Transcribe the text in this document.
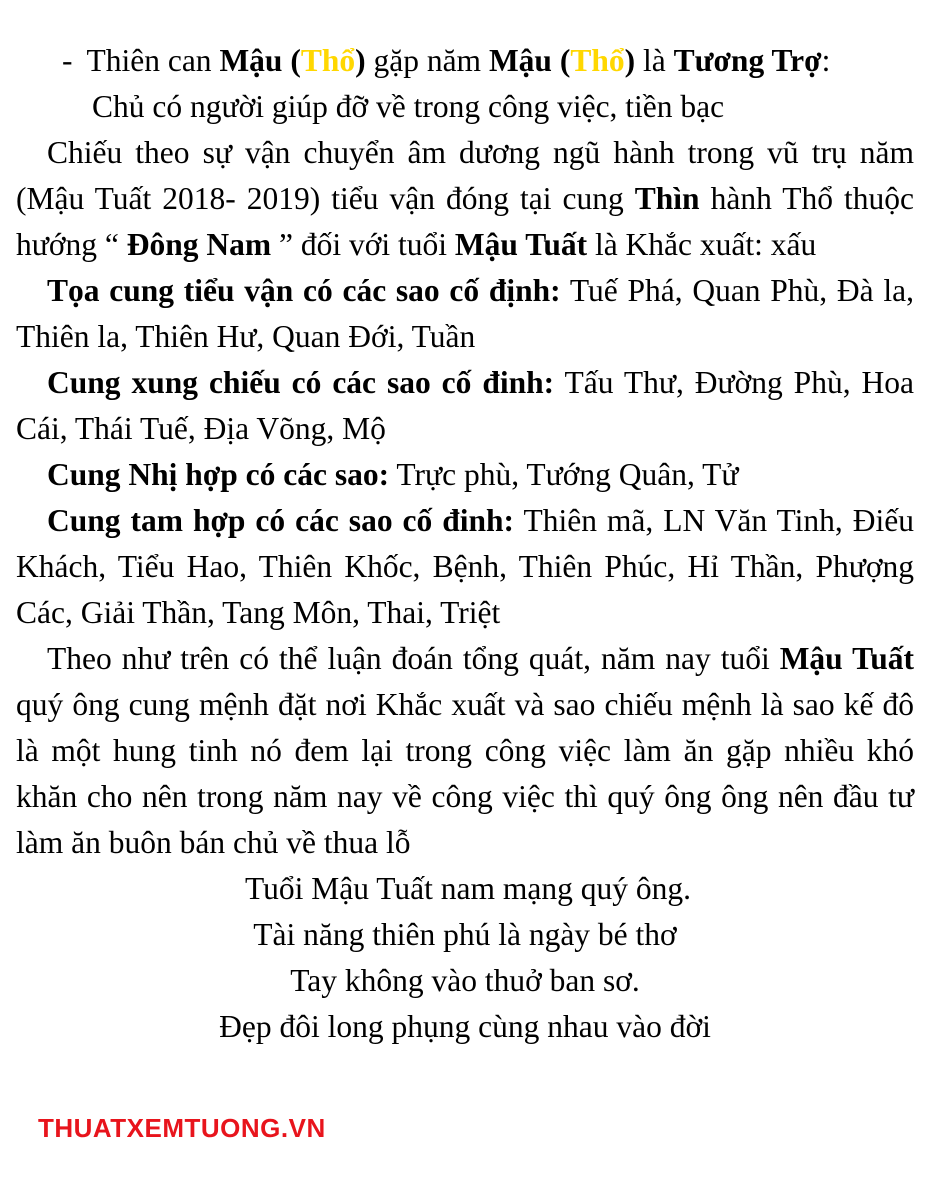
- Thiên can Mậu (Thổ) gặp năm Mậu (Thổ) là Tương Trợ:

Chủ có người giúp đỡ về trong công việc, tiền bạc

Chiếu theo sự vận chuyển âm dương ngũ hành trong vũ trụ năm (Mậu Tuất 2018- 2019) tiểu vận đóng tại cung Thìn hành Thổ thuộc hướng “ Đông Nam ” đối với tuổi Mậu Tuất là Khắc xuất: xấu

Tọa cung tiểu vận có các sao cố định: Tuế Phá, Quan Phù, Đà la, Thiên la, Thiên Hư, Quan Đới, Tuần

Cung xung chiếu có các sao cố đinh: Tấu Thư, Đường Phù, Hoa Cái, Thái Tuế, Địa Võng, Mộ

Cung Nhị hợp có các sao: Trực phù, Tướng Quân, Tử

Cung tam hợp có các sao cố đinh: Thiên mã, LN Văn Tinh, Điếu Khách, Tiểu Hao, Thiên Khốc, Bệnh, Thiên Phúc, Hỉ Thần, Phượng Các, Giải Thần, Tang Môn, Thai, Triệt

Theo như trên có thể luận đoán tổng quát, năm nay tuổi Mậu Tuất quý ông cung mệnh đặt nơi Khắc xuất và sao chiếu mệnh là sao kế đô là một hung tinh nó đem lại trong công việc làm ăn gặp nhiều khó khăn cho nên trong năm nay về công việc thì quý ông ông nên đầu tư làm ăn buôn bán chủ về thua lỗ

Tuổi Mậu Tuất nam mạng quý ông.

Tài năng thiên phú là ngày bé thơ

Tay không vào thuở ban sơ.

Đẹp đôi long phụng cùng nhau vào đời

THUATXEMTUONG.VN
